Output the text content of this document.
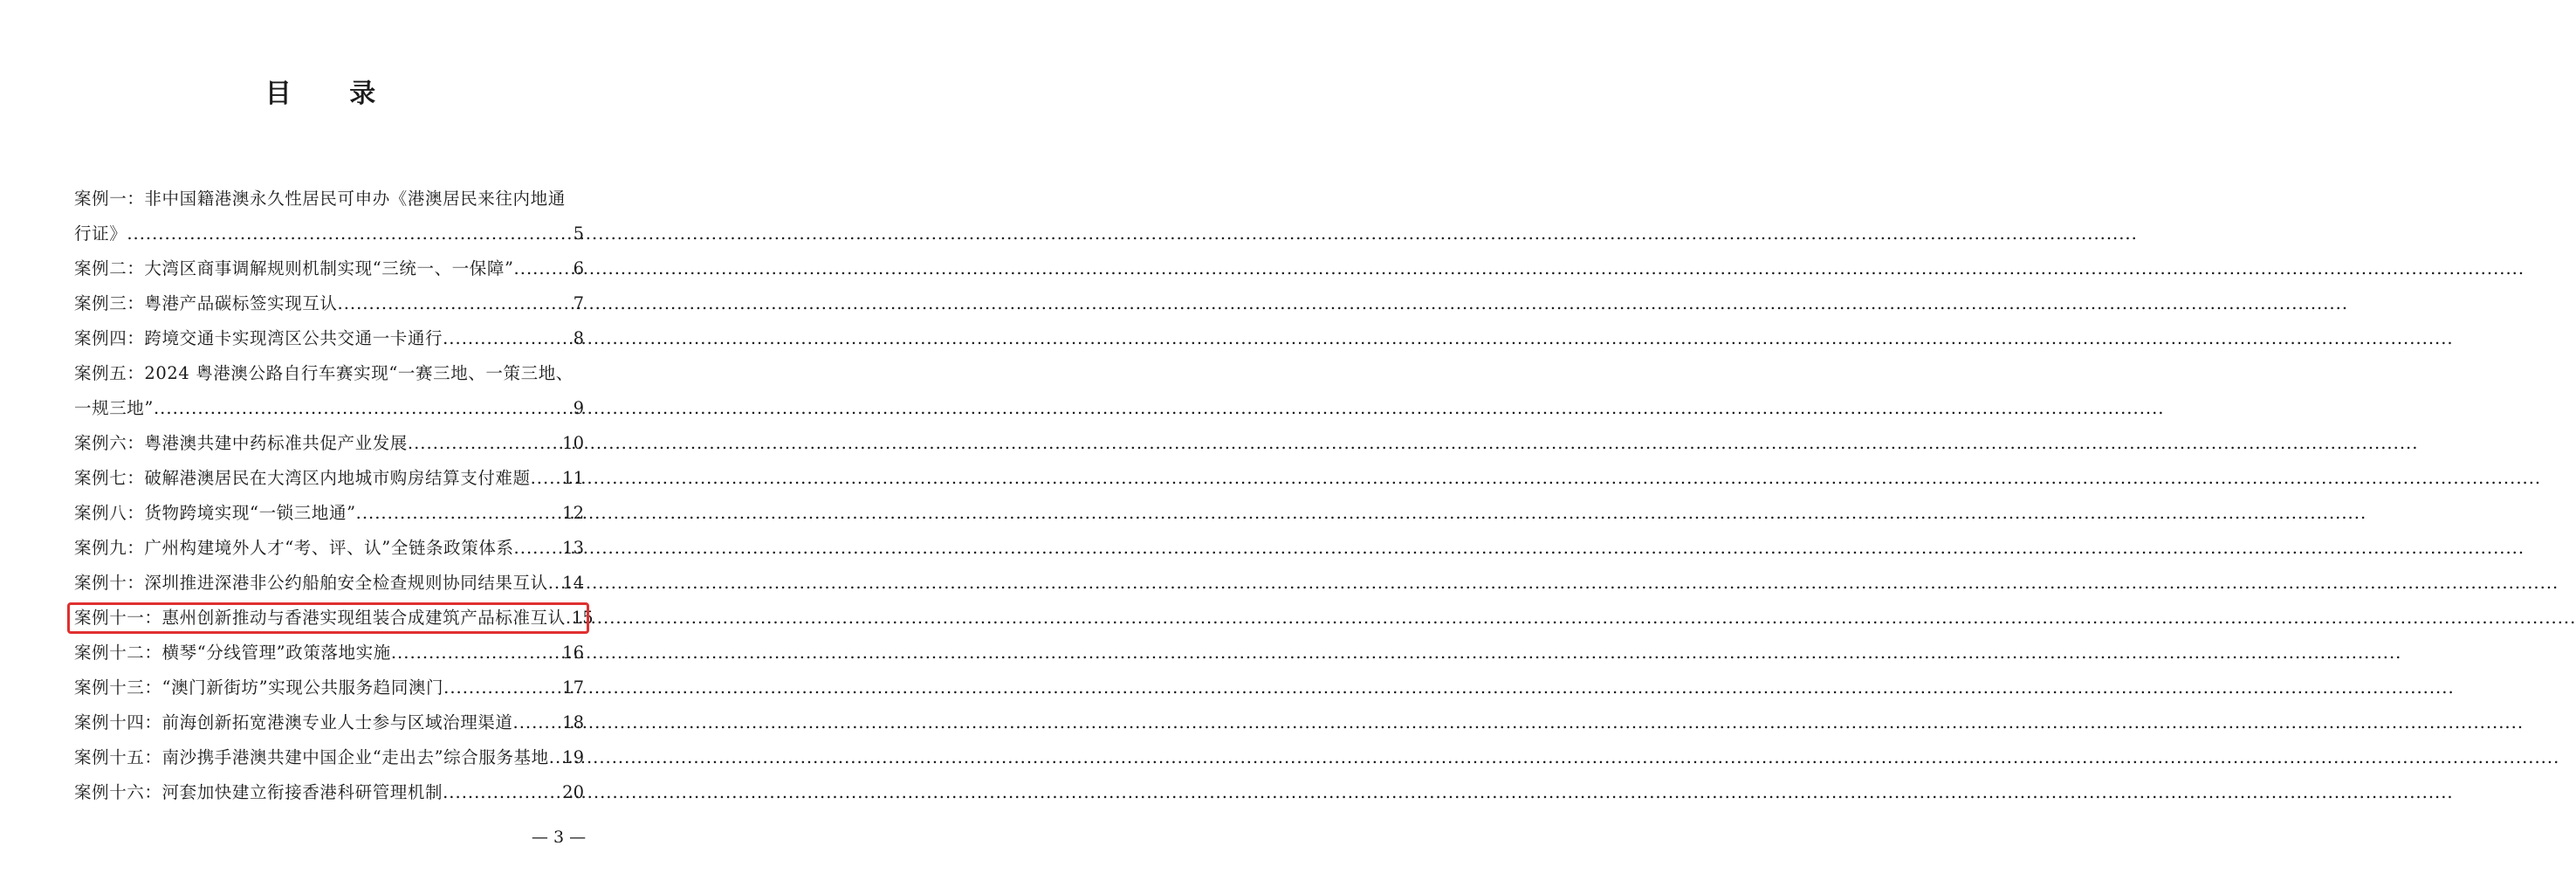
目 录
案例一：非中国籍港澳永久性居民可申办《港澳居民来往内地通
行证》 .....	5
案例二：大湾区商事调解规则机制实现“三统一、一保障” .....	6
案例三：粤港产品碳标签实现互认 .....	7
案例四：跨境交通卡实现湾区公共交通一卡通行 .....	8
案例五：2024 粤港澳公路自行车赛实现“一赛三地、一策三地、
一规三地” .....	9
案例六：粤港澳共建中药标准共促产业发展 .....	10
案例七：破解港澳居民在大湾区内地城市购房结算支付难题 ..... 11
案例八：货物跨境实现“一锁三地通” .....	12
案例九：广州构建境外人才“考、评、认”全链条政策体系 .....	13
案例十：深圳推进深港非公约船舶安全检查规则协同结果互认 ..... 14
案例十一：惠州创新推动与香港实现组装合成建筑产品标准互认 ..... 15
案例十二：横琴“分线管理”政策落地实施 .....	16
案例十三：“澳门新街坊”实现公共服务趋同澳门 .....	17
案例十四：前海创新拓宽港澳专业人士参与区域治理渠道 .....	18
案例十五：南沙携手港澳共建中国企业“走出去”综合服务基地 ..... 19
案例十六：河套加快建立衔接香港科研管理机制 .....	20
— 3 —
